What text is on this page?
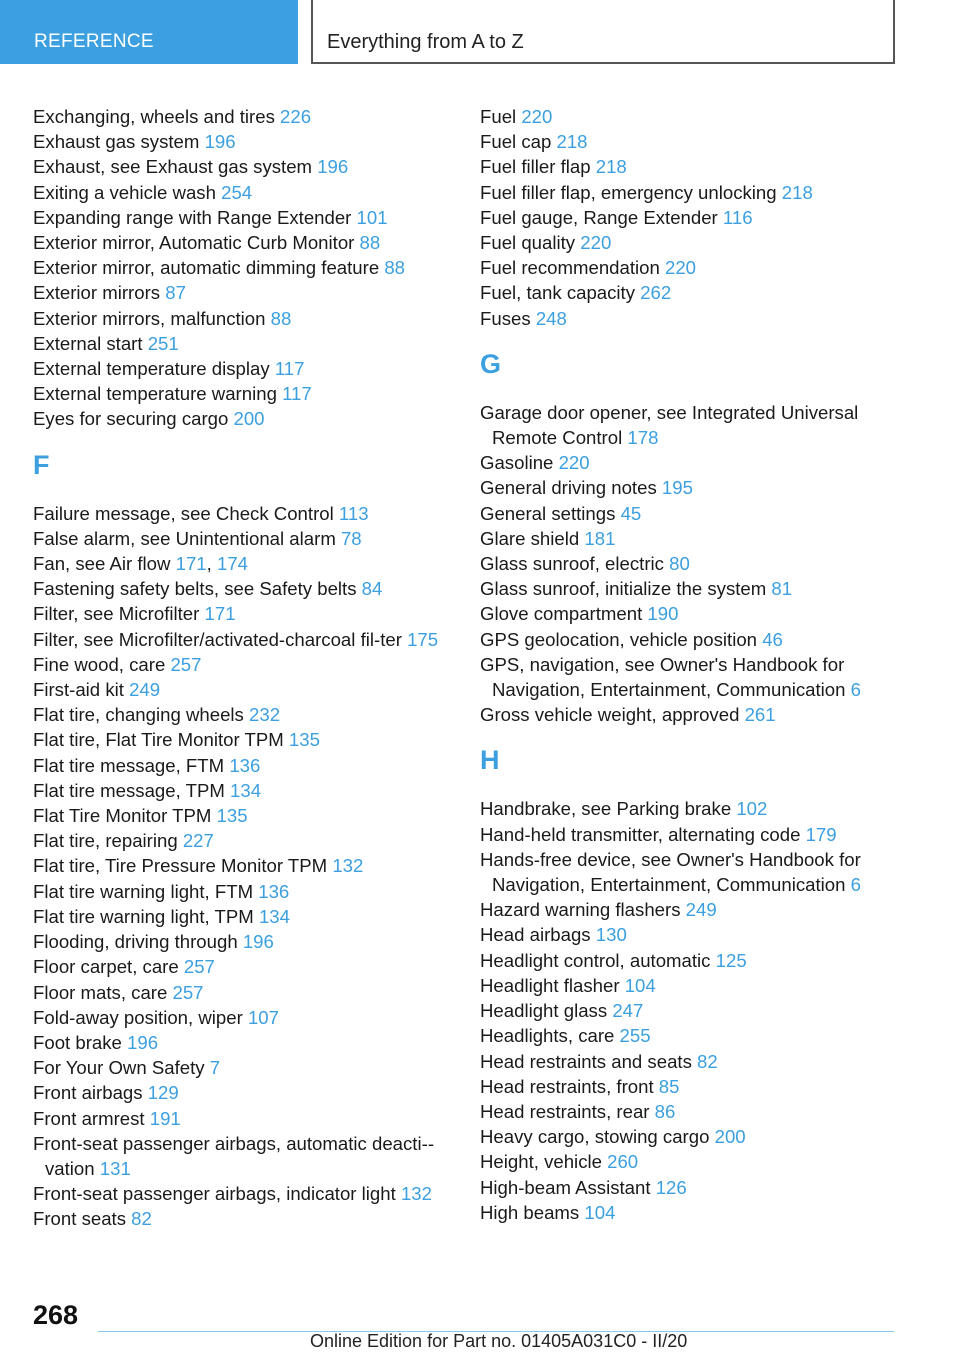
REFERENCE	Everything from A to Z
Exchanging, wheels and tires 226
Exhaust gas system 196
Exhaust, see Exhaust gas system 196
Exiting a vehicle wash 254
Expanding range with Range Extender 101
Exterior mirror, Automatic Curb Monitor 88
Exterior mirror, automatic dimming feature 88
Exterior mirrors 87
Exterior mirrors, malfunction 88
External start 251
External temperature display 117
External temperature warning 117
Eyes for securing cargo 200
F
Failure message, see Check Control 113
False alarm, see Unintentional alarm 78
Fan, see Air flow 171, 174
Fastening safety belts, see Safety belts 84
Filter, see Microfilter 171
Filter, see Microfilter/activated-charcoal fil-ter 175
Fine wood, care 257
First-aid kit 249
Flat tire, changing wheels 232
Flat tire, Flat Tire Monitor TPM 135
Flat tire message, FTM 136
Flat tire message, TPM 134
Flat Tire Monitor TPM 135
Flat tire, repairing 227
Flat tire, Tire Pressure Monitor TPM 132
Flat tire warning light, FTM 136
Flat tire warning light, TPM 134
Flooding, driving through 196
Floor carpet, care 257
Floor mats, care 257
Fold-away position, wiper 107
Foot brake 196
For Your Own Safety 7
Front airbags 129
Front armrest 191
Front-seat passenger airbags, automatic deacti-vation 131
Front-seat passenger airbags, indicator light 132
Front seats 82
Fuel 220
Fuel cap 218
Fuel filler flap 218
Fuel filler flap, emergency unlocking 218
Fuel gauge, Range Extender 116
Fuel quality 220
Fuel recommendation 220
Fuel, tank capacity 262
Fuses 248
G
Garage door opener, see Integrated Universal Remote Control 178
Gasoline 220
General driving notes 195
General settings 45
Glare shield 181
Glass sunroof, electric 80
Glass sunroof, initialize the system 81
Glove compartment 190
GPS geolocation, vehicle position 46
GPS, navigation, see Owner's Handbook for Navigation, Entertainment, Communication 6
Gross vehicle weight, approved 261
H
Handbrake, see Parking brake 102
Hand-held transmitter, alternating code 179
Hands-free device, see Owner's Handbook for Navigation, Entertainment, Communication 6
Hazard warning flashers 249
Head airbags 130
Headlight control, automatic 125
Headlight flasher 104
Headlight glass 247
Headlights, care 255
Head restraints and seats 82
Head restraints, front 85
Head restraints, rear 86
Heavy cargo, stowing cargo 200
Height, vehicle 260
High-beam Assistant 126
High beams 104
268
Online Edition for Part no. 01405A031C0 - II/20
